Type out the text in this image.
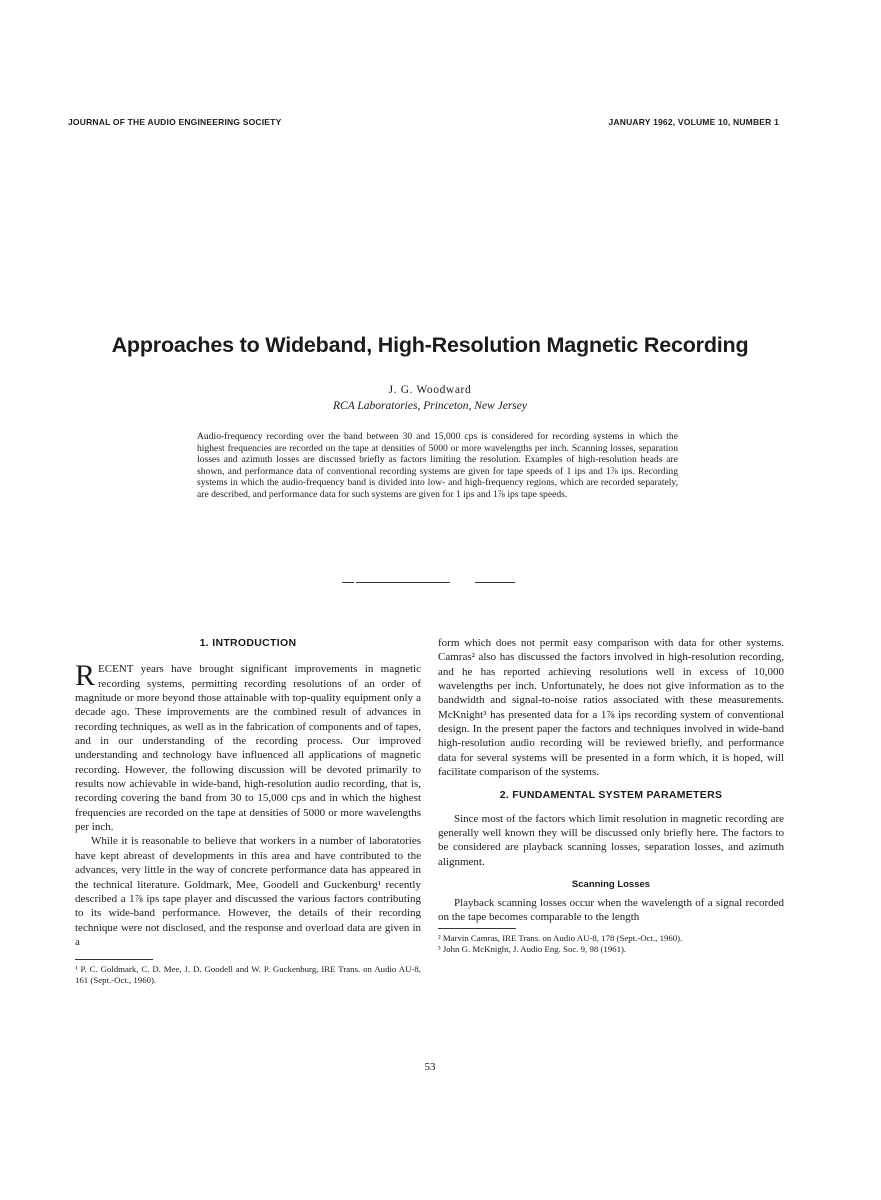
JOURNAL OF THE AUDIO ENGINEERING SOCIETY	JANUARY 1962, VOLUME 10, NUMBER 1
Approaches to Wideband, High-Resolution Magnetic Recording
J. G. Woodward
RCA Laboratories, Princeton, New Jersey
Audio-frequency recording over the band between 30 and 15,000 cps is considered for recording systems in which the highest frequencies are recorded on the tape at densities of 5000 or more wavelengths per inch. Scanning losses, separation losses and azimuth losses are discussed briefly as factors limiting the resolution. Examples of high-resolution heads are shown, and performance data of conventional recording systems are given for tape speeds of 1 ips and 1⅞ ips. Recording systems in which the audio-frequency band is divided into low- and high-frequency regions, which are recorded separately, are described, and performance data for such systems are given for 1 ips and 1⅞ ips tape speeds.
1. INTRODUCTION

RECENT years have brought significant improvements in magnetic recording systems, permitting recording resolutions of an order of magnitude or more beyond those attainable with top-quality equipment only a decade ago. These improvements are the combined result of advances in recording techniques, as well as in the fabrication of components and of tapes, and in our understanding of the recording process. Our improved understanding and technology have influenced all applications of magnetic recording. However, the following discussion will be devoted primarily to results now achievable in wide-band, high-resolution audio recording, that is, recording covering the band from 30 to 15,000 cps and in which the highest frequencies are recorded on the tape at densities of 5000 or more wavelengths per inch.

While it is reasonable to believe that workers in a number of laboratories have kept abreast of developments in this area and have contributed to the advances, very little in the way of concrete performance data has appeared in the technical literature. Goldmark, Mee, Goodell and Guckenburg¹ recently described a 1⅞ ips tape player and discussed the various factors contributing to its wide-band performance. However, the details of their recording technique were not disclosed, and the response and overload data are given in a

¹ P. C. Goldmark, C. D. Mee, J. D. Goodell and W. P. Guckenburg, IRE Trans. on Audio AU-8, 161 (Sept.-Oct., 1960).

form which does not permit easy comparison with data for other systems. Camras² also has discussed the factors involved in high-resolution recording, and he has reported achieving resolutions well in excess of 10,000 wavelengths per inch. Unfortunately, he does not give information as to the bandwidth and signal-to-noise ratios associated with these measurements. McKnight³ has presented data for a 1⅞ ips recording system of conventional design. In the present paper the factors and techniques involved in wide-band high-resolution audio recording will be reviewed briefly, and performance data for several systems will be presented in a form which, it is hoped, will facilitate comparison of the systems.

2. FUNDAMENTAL SYSTEM PARAMETERS

Since most of the factors which limit resolution in magnetic recording are generally well known they will be discussed only briefly here. The factors to be considered are playback scanning losses, separation losses, and azimuth alignment.

Scanning Losses

Playback scanning losses occur when the wavelength of a signal recorded on the tape becomes comparable to the length

² Marvin Camras, IRE Trans. on Audio AU-8, 178 (Sept.-Oct., 1960).

³ John G. McKnight, J. Audio Eng. Soc. 9, 98 (1961).

53
